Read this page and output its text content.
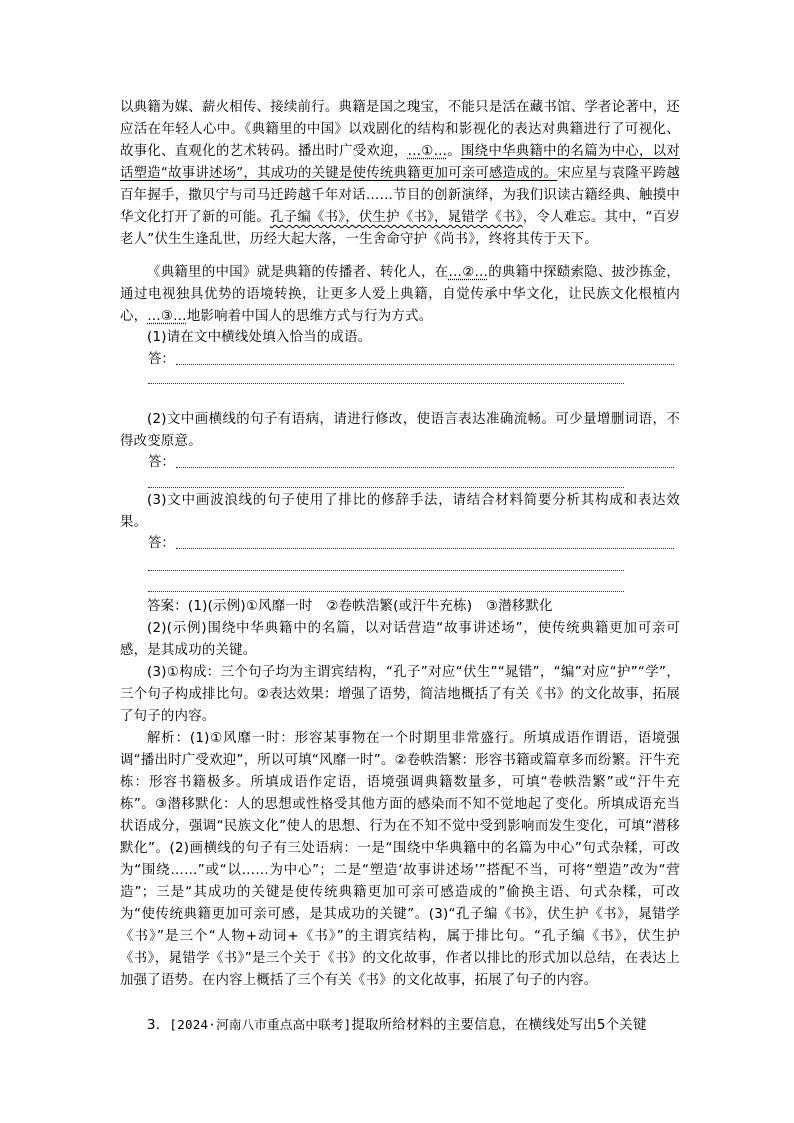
以典籍为媒、薪火相传、接续前行。典籍是国之瑰宝，不能只是活在藏书馆、学者论著中，还应活在年轻人心中。《典籍里的中国》以戏剧化的结构和影视化的表达对典籍进行了可视化、故事化、直观化的艺术转码。播出时广受欢迎，…①…。围绕中华典籍中的名篇为中心，以对话塑造“故事讲述场”，其成功的关键是使传统典籍更加可亲可感造成的。宋应星与袁隆平跨越百年握手，撒贝宁与司马迁跨越千年对话……节目的创新演绎，为我们识读古籍经典、触摸中华文化打开了新的可能。孔子编《书》，伏生护《书》，晁错学《书》，令人难忘。其中，“百岁老人”伏生生逢乱世，历经大起大落，一生舍命守护《尚书》，终将其传于天下。

《典籍里的中国》就是典籍的传播者、转化人，在…②…的典籍中探赜索隐、披沙拣金，通过电视独具优势的语境转换，让更多人爱上典籍，自觉传承中华文化，让民族文化根植内心，…③…地影响着中国人的思维方式与行为方式。

(1)请在文中横线处填入恰当的成语。

答：

(2)文中画横线的句子有语病，请进行修改，使语言表达准确流畅。可少量增删词语，不得改变原意。

答：

(3)文中画波浪线的句子使用了排比的修辞手法，请结合材料简要分析其构成和表达效果。

答：

答案：(1)(示例)①风靡一时　②卷帙浩繁(或汗牛充栋)　③潜移默化

(2)(示例)围绕中华典籍中的名篇，以对话营造“故事讲述场”，使传统典籍更加可亲可感，是其成功的关键。

(3)①构成：三个句子均为主谓宾结构，“孔子”对应“伏生”“晁错”，“编”对应“护”“学”，三个句子构成排比句。②表达效果：增强了语势，简洁地概括了有关《书》的文化故事，拓展了句子的内容。

解析：(1)①风靡一时：形容某事物在一个时期里非常盛行。所填成语作谓语，语境强调“播出时广受欢迎”，所以可填“风靡一时”。②卷帙浩繁：形容书籍或篇章多而纷繁。汗牛充栋：形容书籍极多。所填成语作定语，语境强调典籍数量多，可填“卷帙浩繁”或“汗牛充栋”。③潜移默化：人的思想或性格受其他方面的感染而不知不觉地起了变化。所填成语充当状语成分，强调“民族文化”使人的思想、行为在不知不觉中受到影响而发生变化，可填“潜移默化”。(2)画横线的句子有三处语病：一是“围绕中华典籍中的名篇为中心”句式杂糅，可改为“围绕……”或“以……为中心”；二是“塑造‘故事讲述场’”搭配不当，可将“塑造”改为“营造”；三是“其成功的关键是使传统典籍更加可亲可感造成的”偷换主语、句式杂糅，可改为“使传统典籍更加可亲可感，是其成功的关键”。(3)“孔子编《书》，伏生护《书》，晁错学《书》”是三个“人物+动词+《书》”的主谓宾结构，属于排比句。“孔子编《书》，伏生护《书》，晁错学《书》”是三个关于《书》的文化故事，作者以排比的形式加以总结，在表达上加强了语势。在内容上概括了三个有关《书》的文化故事，拓展了句子的内容。

3．[2024·河南八市重点高中联考]提取所给材料的主要信息，在横线处写出5个关键
